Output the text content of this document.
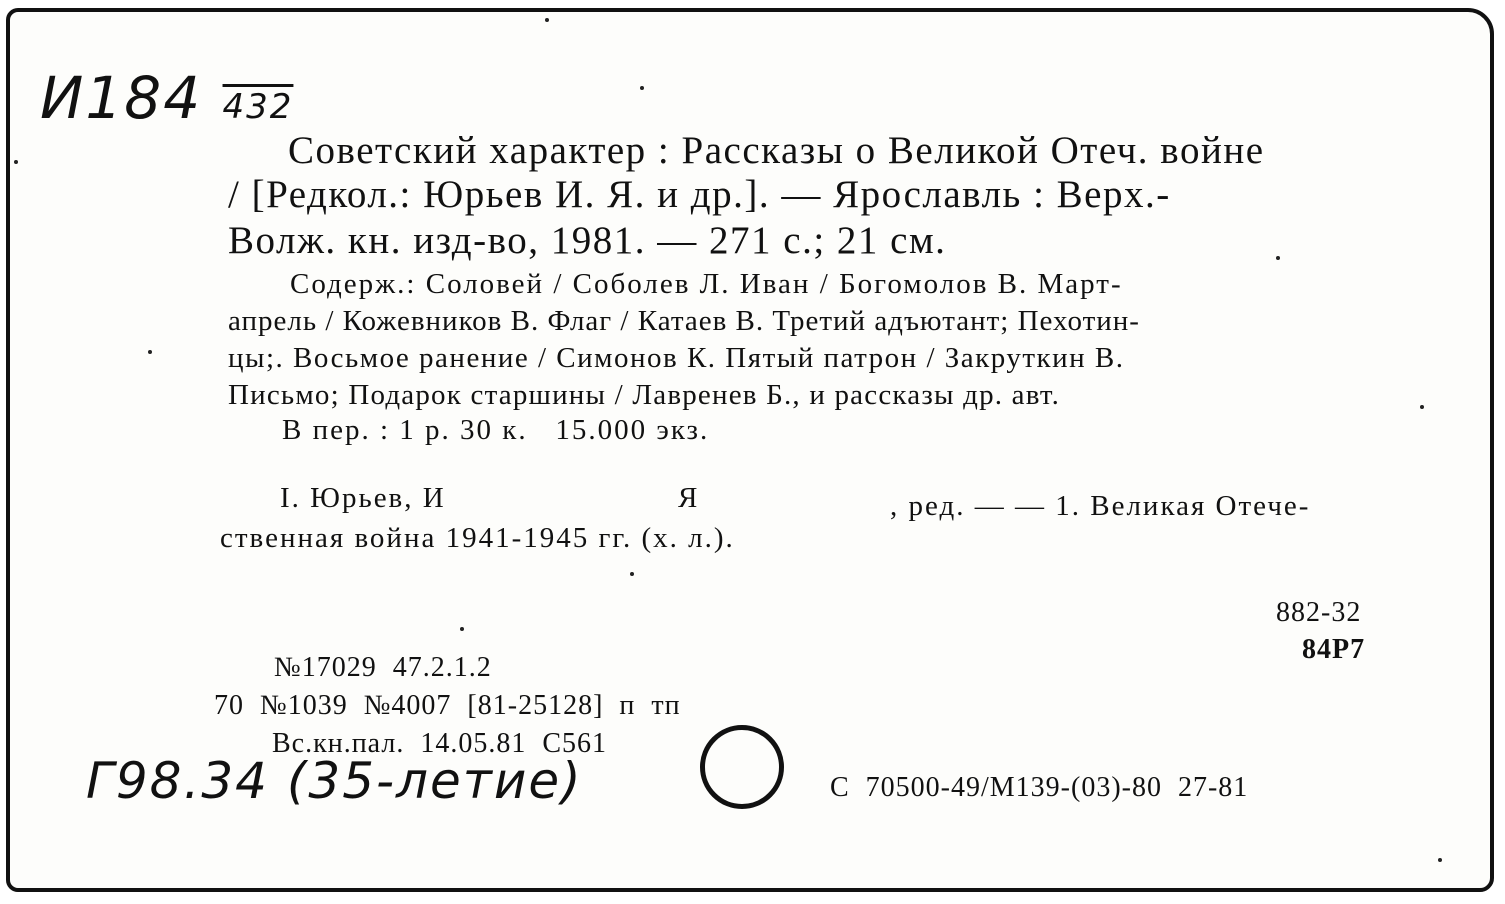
И184 432
Советский характер : Рассказы о Великой Отеч. войне
/ [Редкол.: Юрьев И. Я. и др.]. — Ярославль : Верх.-
Волж. кн. изд-во, 1981. — 271 с.; 21 см.
Содерж.: Соловей / Соболев Л. Иван / Богомолов В. Март-
апрель / Кожевников В. Флаг / Катаев В. Третий адъютант; Пехотин-
цы;. Восьмое ранение / Симонов К. Пятый патрон / Закруткин В.
Письмо; Подарок старшины / Лавренев Б., и рассказы др. авт.
В пер. : 1 р. 30 к.   15.000 экз.
I. Юрьев, И	Я	, ред. — — 1. Великая Отече-
ственная война 1941-1945 гг. (х. л.).
882-32
84Р7
№17029  47.2.1.2
70  №1039  №4007  [81-25128]  п  тп
Вс.кн.пал.  14.05.81  С561
Г98.34 (35-летие)	С  70500-49/М139-(03)-80  27-81
